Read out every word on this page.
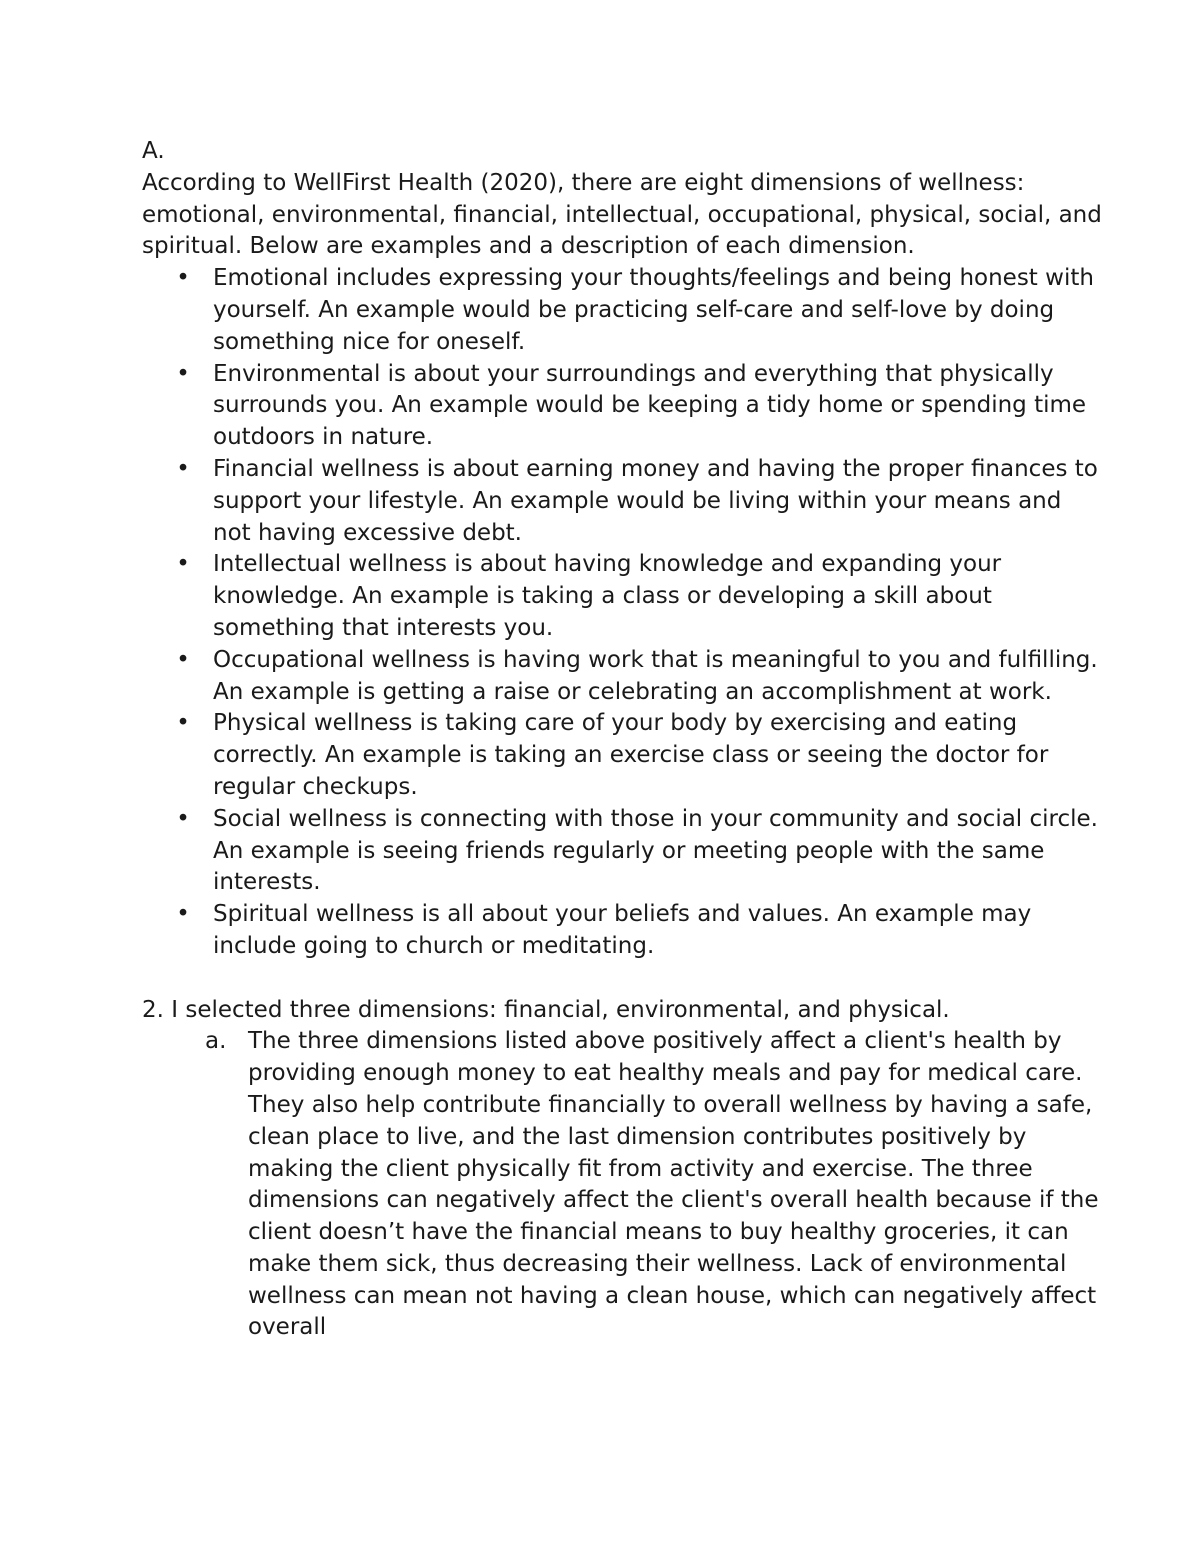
A.

According to WellFirst Health (2020), there are eight dimensions of wellness: emotional, environmental, financial, intellectual, occupational, physical, social, and spiritual. Below are examples and a description of each dimension.

• Emotional includes expressing your thoughts/feelings and being honest with yourself. An example would be practicing self-care and self-love by doing something nice for oneself.
• Environmental is about your surroundings and everything that physically surrounds you. An example would be keeping a tidy home or spending time outdoors in nature.
• Financial wellness is about earning money and having the proper finances to support your lifestyle. An example would be living within your means and not having excessive debt.
• Intellectual wellness is about having knowledge and expanding your knowledge. An example is taking a class or developing a skill about something that interests you.
• Occupational wellness is having work that is meaningful to you and fulfilling. An example is getting a raise or celebrating an accomplishment at work.
• Physical wellness is taking care of your body by exercising and eating correctly. An example is taking an exercise class or seeing the doctor for regular checkups.
• Social wellness is connecting with those in your community and social circle. An example is seeing friends regularly or meeting people with the same interests.
• Spiritual wellness is all about your beliefs and values. An example may include going to church or meditating.

2. I selected three dimensions: financial, environmental, and physical.

a. The three dimensions listed above positively affect a client's health by providing enough money to eat healthy meals and pay for medical care. They also help contribute financially to overall wellness by having a safe, clean place to live, and the last dimension contributes positively by making the client physically fit from activity and exercise. The three dimensions can negatively affect the client's overall health because if the client doesn’t have the financial means to buy healthy groceries, it can make them sick, thus decreasing their wellness. Lack of environmental wellness can mean not having a clean house, which can negatively affect overall
